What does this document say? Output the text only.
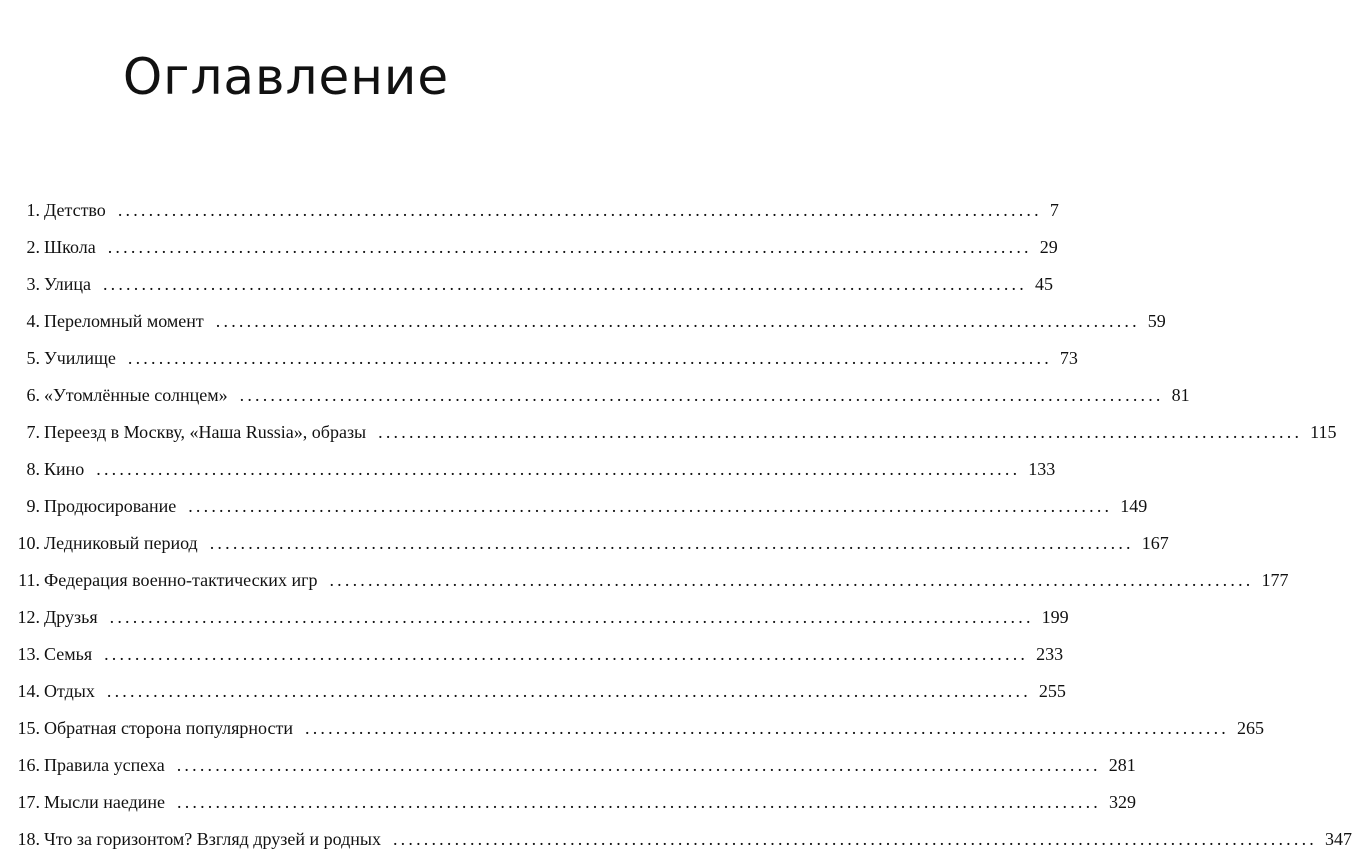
Оглавление
1. Детство ........................................................................................................................ 7
2. Школа ........................................................................................................................ 29
3. Улица ........................................................................................................................ 45
4. Переломный момент ........................................................................................................................ 59
5. Училище ........................................................................................................................ 73
6. «Утомлённые солнцем» ........................................................................................................................ 81
7. Переезд в Москву, «Наша Russia», образы ........................................................................................................................ 115
8. Кино ........................................................................................................................ 133
9. Продюсирование ........................................................................................................................ 149
10. Ледниковый период ........................................................................................................................ 167
11. Федерация военно-тактических игр ........................................................................................................................ 177
12. Друзья ........................................................................................................................ 199
13. Семья ........................................................................................................................ 233
14. Отдых ........................................................................................................................ 255
15. Обратная сторона популярности ........................................................................................................................ 265
16. Правила успеха ........................................................................................................................ 281
17. Мысли наедине ........................................................................................................................ 329
18. Что за горизонтом? Взгляд друзей и родных ........................................................................................................................ 347
